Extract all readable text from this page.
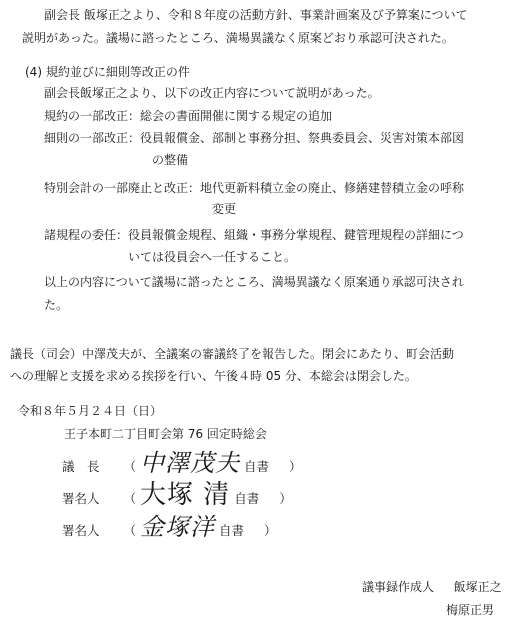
副会長 飯塚正之より、令和８年度の活動方針、事業計画案及び予算案について
説明があった。議場に諮ったところ、満場異議なく原案どおり承認可決された。
(4) 規約並びに細則等改正の件
副会長飯塚正之より、以下の改正内容について説明があった。
規約の一部改正：総会の書面開催に関する規定の追加
細則の一部改正：役員報償金、部制と事務分担、祭典委員会、災害対策本部図
の整備
特別会計の一部廃止と改正：地代更新料積立金の廃止、修繕建替積立金の呼称
変更
諸規程の委任：役員報償金規程、組織・事務分掌規程、鍵管理規程の詳細につ
いては役員会へ一任すること。
以上の内容について議場に諮ったところ、満場異議なく原案通り承認可決され
た。
議長（司会）中澤茂夫が、全議案の審議終了を報告した。閉会にあたり、町会活動
への理解と支援を求める挨拶を行い、午後４時 05 分、本総会は閉会した。
令和８年５月２４日（日）
王子本町二丁目町会第 76 回定時総会
議　長 （ 中澤茂夫 自書 ）
署名人 （ 大塚 清 自書 ）
署名人 （ 金塚洋 自書 ）
議事録作成人 飯塚正之
梅原正男
